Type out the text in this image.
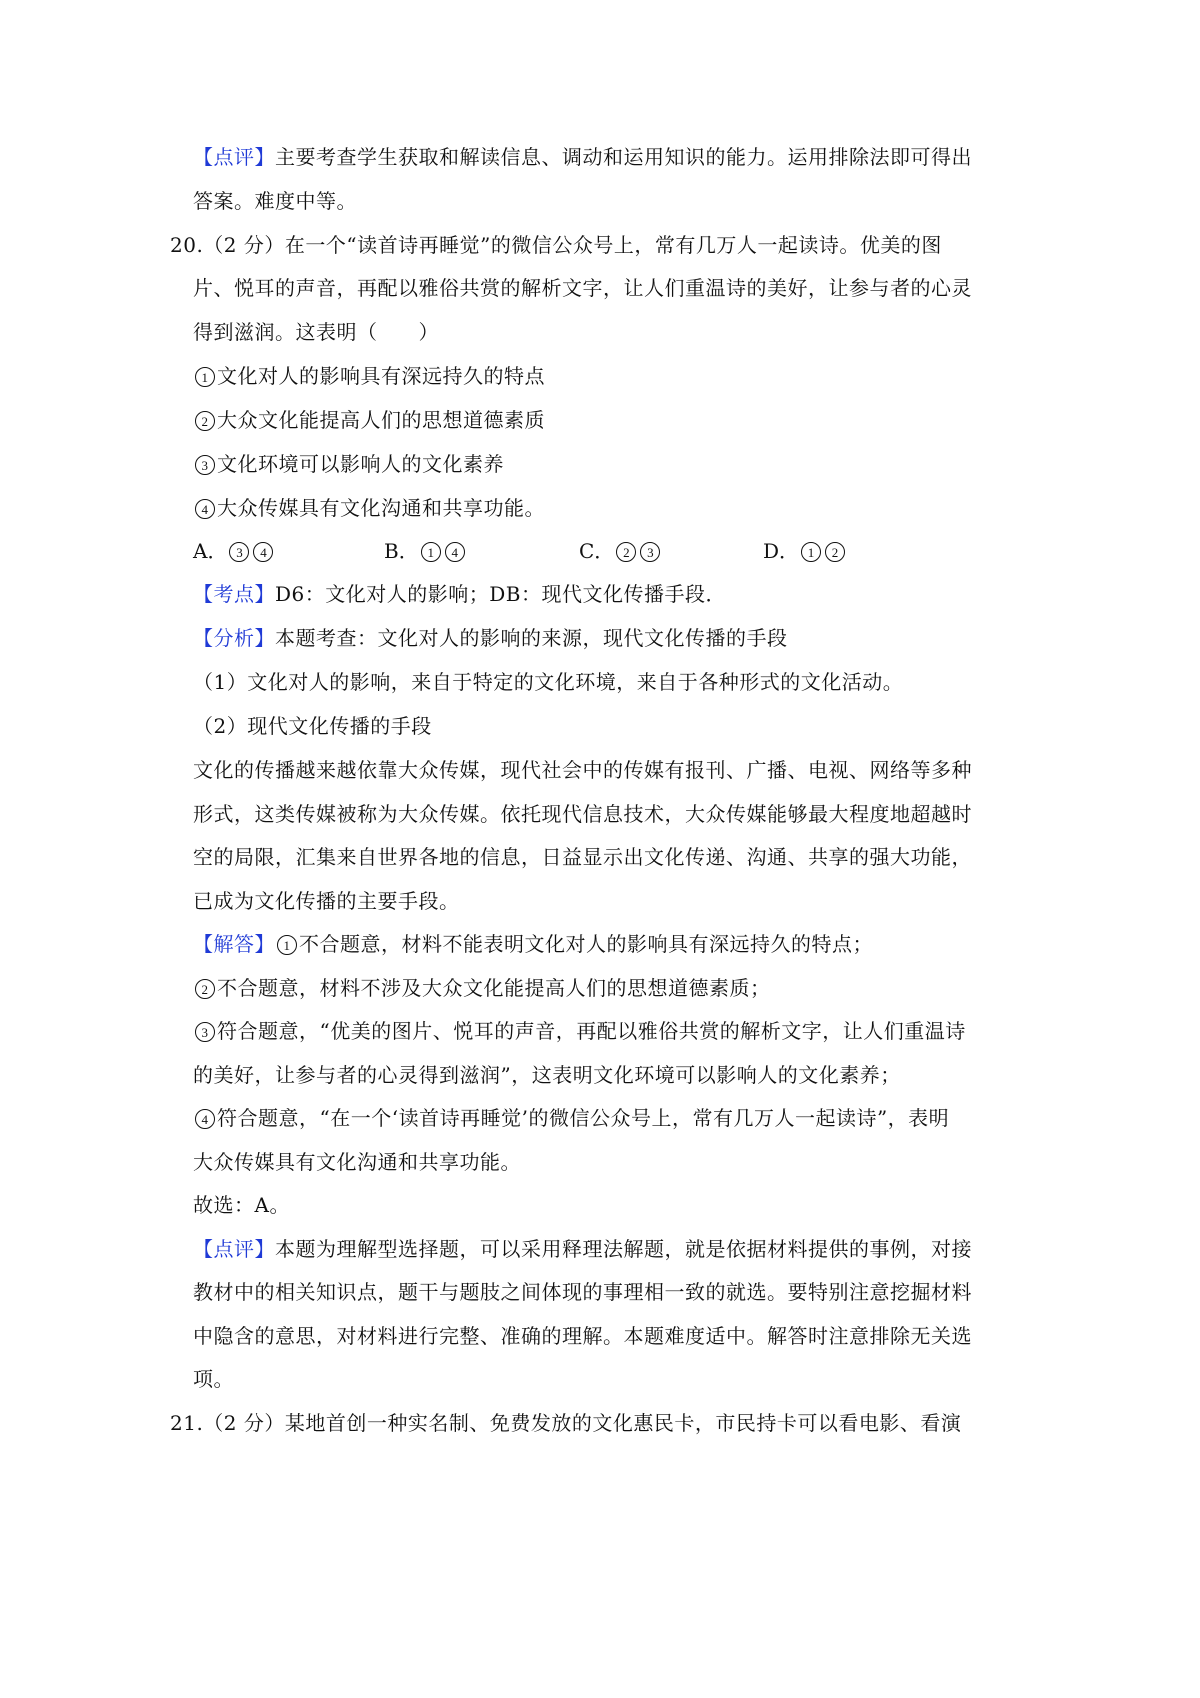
【点评】主要考查学生获取和解读信息、调动和运用知识的能力。运用排除法即可得出
答案。难度中等。
20.（2 分）在一个“读首诗再睡觉”的微信公众号上，常有几万人一起读诗。优美的图
片、悦耳的声音，再配以雅俗共赏的解析文字，让人们重温诗的美好，让参与者的心灵
得到滋润。这表明（　　）
1 文化对人的影响具有深远持久的特点
2 大众文化能提高人们的思想道德素质
3 文化环境可以影响人的文化素养
4 大众传媒具有文化沟通和共享功能。
A． 3 4	B． 1 4	C． 2 3	D． 1 2
【考点】D6：文化对人的影响；DB：现代文化传播手段．
【分析】本题考查：文化对人的影响的来源，现代文化传播的手段
（1）文化对人的影响，来自于特定的文化环境，来自于各种形式的文化活动。
（2）现代文化传播的手段
文化的传播越来越依靠大众传媒，现代社会中的传媒有报刊、广播、电视、网络等多种
形式，这类传媒被称为大众传媒。依托现代信息技术，大众传媒能够最大程度地超越时
空的局限，汇集来自世界各地的信息，日益显示出文化传递、沟通、共享的强大功能，
已成为文化传播的主要手段。
【解答】 1 不合题意，材料不能表明文化对人的影响具有深远持久的特点；
2 不合题意，材料不涉及大众文化能提高人们的思想道德素质；
3 符合题意，“优美的图片、悦耳的声音，再配以雅俗共赏的解析文字，让人们重温诗
的美好，让参与者的心灵得到滋润”，这表明文化环境可以影响人的文化素养；
4 符合题意，“在一个‘读首诗再睡觉’的微信公众号上，常有几万人一起读诗”，表明
大众传媒具有文化沟通和共享功能。
故选：A。
【点评】本题为理解型选择题，可以采用释理法解题，就是依据材料提供的事例，对接
教材中的相关知识点，题干与题肢之间体现的事理相一致的就选。要特别注意挖掘材料
中隐含的意思，对材料进行完整、准确的理解。本题难度适中。解答时注意排除无关选
项。
21.（2 分）某地首创一种实名制、免费发放的文化惠民卡，市民持卡可以看电影、看演
